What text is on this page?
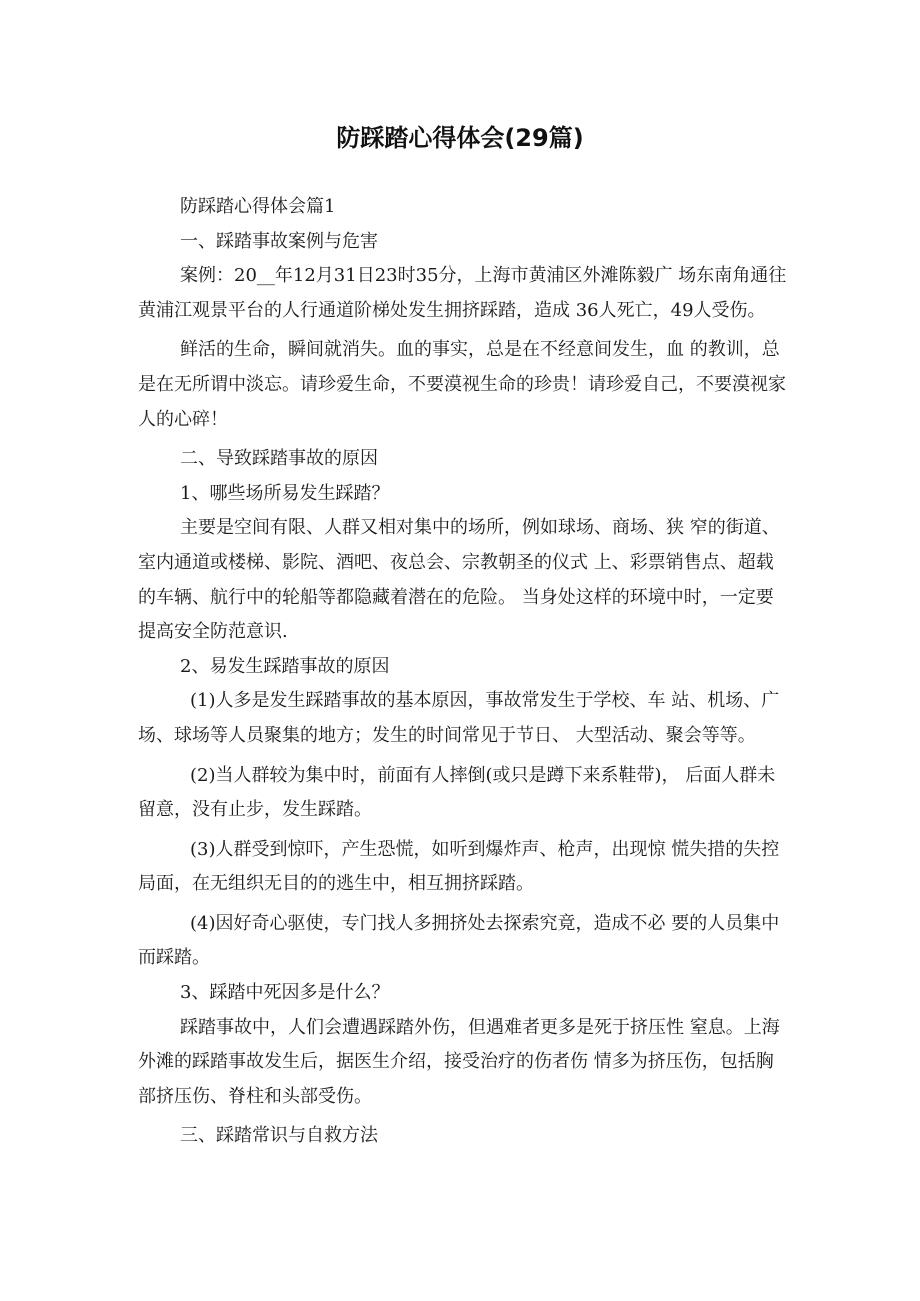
防踩踏心得体会(29篇)

防踩踏心得体会篇1

一、踩踏事故案例与危害

案例：20__年12月31日23时35分，上海市黄浦区外滩陈毅广 场东南角通往黄浦江观景平台的人行通道阶梯处发生拥挤踩踏，造成 36人死亡，49人受伤。

鲜活的生命，瞬间就消失。血的事实，总是在不经意间发生，血 的教训，总是在无所谓中淡忘。请珍爱生命，不要漠视生命的珍贵！请珍爱自己，不要漠视家人的心碎！

二、导致踩踏事故的原因

1、哪些场所易发生踩踏？

主要是空间有限、人群又相对集中的场所，例如球场、商场、狭 窄的街道、室内通道或楼梯、影院、酒吧、夜总会、宗教朝圣的仪式 上、彩票销售点、超载的车辆、航行中的轮船等都隐藏着潜在的危险。 当身处这样的环境中时，一定要提高安全防范意识.

2、易发生踩踏事故的原因

(1)人多是发生踩踏事故的基本原因，事故常发生于学校、车 站、机场、广场、球场等人员聚集的地方；发生的时间常见于节日、 大型活动、聚会等等。

(2)当人群较为集中时，前面有人摔倒(或只是蹲下来系鞋带)， 后面人群未留意，没有止步，发生踩踏。

(3)人群受到惊吓，产生恐慌，如听到爆炸声、枪声，出现惊 慌失措的失控局面，在无组织无目的的逃生中，相互拥挤踩踏。

(4)因好奇心驱使，专门找人多拥挤处去探索究竟，造成不必 要的人员集中而踩踏。

3、踩踏中死因多是什么？

踩踏事故中，人们会遭遇踩踏外伤，但遇难者更多是死于挤压性 窒息。上海外滩的踩踏事故发生后，据医生介绍，接受治疗的伤者伤 情多为挤压伤，包括胸部挤压伤、脊柱和头部受伤。

三、踩踏常识与自救方法
